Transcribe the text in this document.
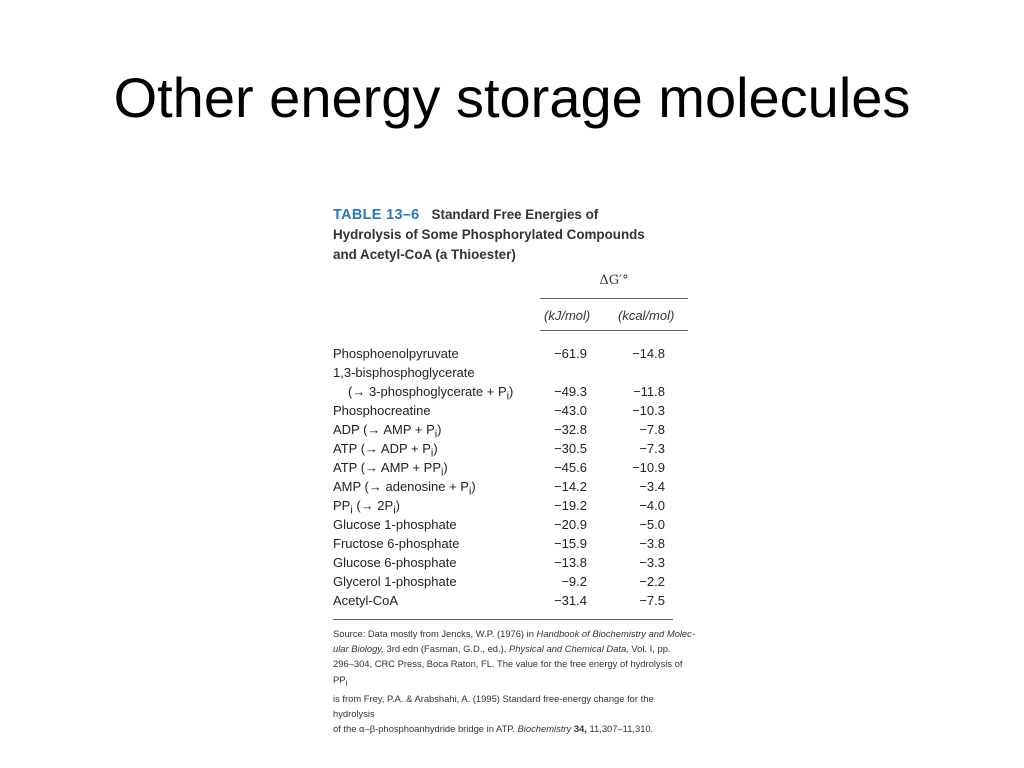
Other energy storage molecules
TABLE 13–6 Standard Free Energies of
Hydrolysis of Some Phosphorylated Compounds
and Acetyl-CoA (a Thioester)
ΔG′°
(kJ/mol) (kcal/mol)
Phosphoenolpyruvate	−61.9	−14.8
1,3-bisphosphoglycerate
(→ 3-phosphoglycerate + $P_i$)	−49.3	−11.8
Phosphocreatine	−43.0	−10.3
ADP (→ AMP + $P_i$)	−32.8	−7.8
ATP (→ ADP + $P_i$)	−30.5	−7.3
ATP (→ AMP + $PP_i$)	−45.6	−10.9
AMP (→ adenosine + $P_i$)	−14.2	−3.4
$PP_i$ (→ $2P_i$)	−19.2	−4.0
Glucose 1-phosphate	−20.9	−5.0
Fructose 6-phosphate	−15.9	−3.8
Glucose 6-phosphate	−13.8	−3.3
Glycerol 1-phosphate	−9.2	−2.2
Acetyl-CoA	−31.4	−7.5
Source: Data mostly from Jencks, W.P. (1976) in Handbook of Biochemistry and Molec-
ular Biology, 3rd edn (Fasman, G.D., ed.), Physical and Chemical Data, Vol. I, pp.
296–304, CRC Press, Boca Raton, FL. The value for the free energy of hydrolysis of $PP_i$
is from Frey, P.A. & Arabshahi, A. (1995) Standard free-energy change for the hydrolysis
of the α–β-phosphoanhydride bridge in ATP. Biochemistry 34, 11,307–11,310.
